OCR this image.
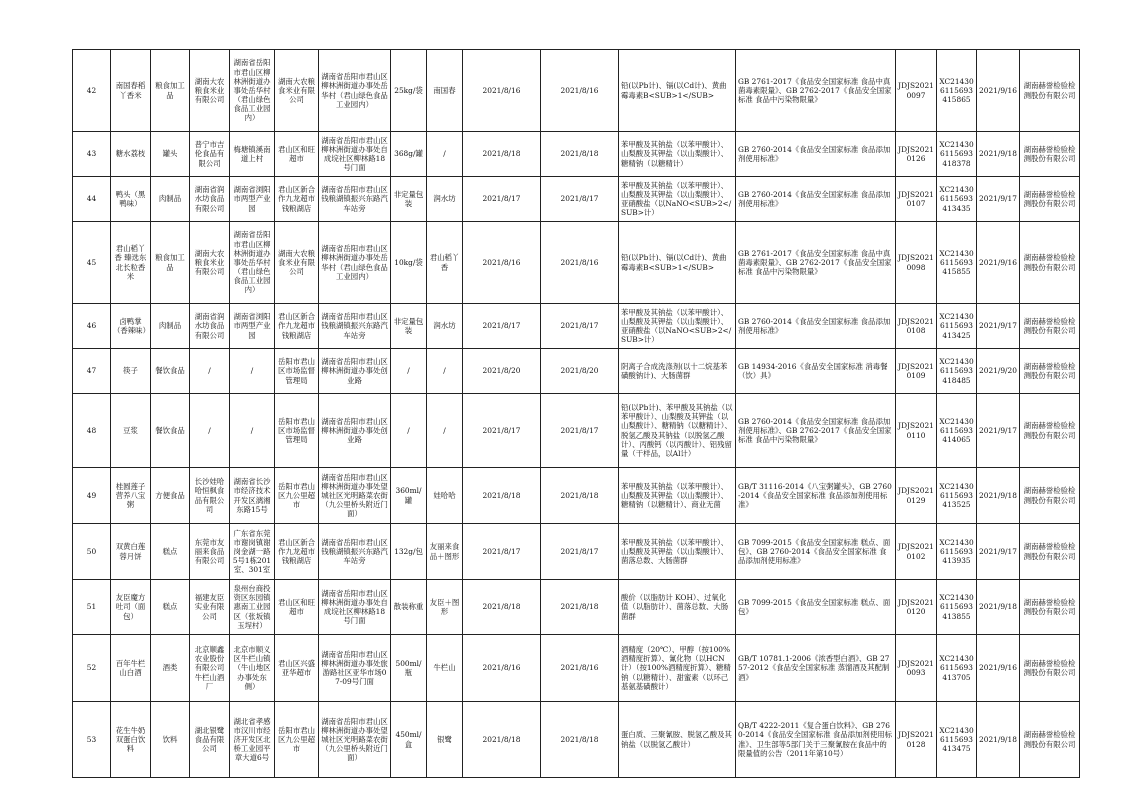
42	南国春稻丫香米	粮食加工品	湖南大农粮食米业有限公司	湖南省岳阳市君山区柳林洲街道办事处岳华村（君山绿色食品工业园内）	湖南大农粮食米业有限公司	湖南省岳阳市君山区柳林洲街道办事处岳华村（君山绿色食品工业园内）	25kg/袋	南国春	2021/8/16	2021/8/16	铅(以Pb计)、镉(以Cd计)、黄曲霉毒素B<SUB>1</SUB>	GB 2761-2017《食品安全国家标准 食品中真菌毒素限量》、GB 2762-2017《食品安全国家标准 食品中污染物限量》	JDJS20210097	XC214306115693415865	2021/9/16	湖南赫誉检验检测股份有限公司
43	糖水荔枝	罐头	普宁市吉伦食品有限公司	梅塘镇溪南道上村	君山区和旺超市	湖南省岳阳市君山区柳林洲街道办事处自成垸社区柳林路18号门面	368g/罐	/	2021/8/18	2021/8/18	苯甲酸及其钠盐（以苯甲酸计）、山梨酸及其钾盐（以山梨酸计）、糖精钠（以糖精计）	GB 2760-2014《食品安全国家标准 食品添加剂使用标准》	JDJS20210126	XC214306115693418378	2021/9/18	湖南赫誉检验检测股份有限公司
44	鸭头（黑鸭味）	肉制品	湖南省润水坊食品有限公司	湖南省浏阳市两型产业园	君山区新合作九龙超市钱粮湖店	湖南省岳阳市君山区钱粮湖镇振兴东路汽车站旁	非定量包装	润水坊	2021/8/17	2021/8/17	苯甲酸及其钠盐（以苯甲酸计）、山梨酸及其钾盐（以山梨酸计）、亚硝酸盐（以NaNO<SUB>2</SUB>计）	GB 2760-2014《食品安全国家标准 食品添加剂使用标准》	JDJS20210107	XC214306115693413435	2021/9/17	湖南赫誉检验检测股份有限公司
45	君山稻丫香 臻选东北长粒香米	粮食加工品	湖南大农粮食米业有限公司	湖南省岳阳市君山区柳林洲街道办事处岳华村（君山绿色食品工业园内）	湖南大农粮食米业有限公司	湖南省岳阳市君山区柳林洲街道办事处岳华村（君山绿色食品工业园内）	10kg/袋	君山稻丫香	2021/8/16	2021/8/16	铅(以Pb计)、镉(以Cd计)、黄曲霉毒素B<SUB>1</SUB>	GB 2761-2017《食品安全国家标准 食品中真菌毒素限量》、GB 2762-2017《食品安全国家标准 食品中污染物限量》	JDJS20210098	XC214306115693415855	2021/9/16	湖南赫誉检验检测股份有限公司
46	卤鸭掌（香辣味）	肉制品	湖南省润水坊食品有限公司	湖南省浏阳市两型产业园	君山区新合作九龙超市钱粮湖店	湖南省岳阳市君山区钱粮湖镇振兴东路汽车站旁	非定量包装	润水坊	2021/8/17	2021/8/17	苯甲酸及其钠盐（以苯甲酸计）、山梨酸及其钾盐（以山梨酸计）、亚硝酸盐（以NaNO<SUB>2</SUB>计）	GB 2760-2014《食品安全国家标准 食品添加剂使用标准》	JDJS20210108	XC214306115693413425	2021/9/17	湖南赫誉检验检测股份有限公司
47	筷子	餐饮食品	/	/	岳阳市君山区市场监督管理局	湖南省岳阳市君山区柳林洲街道办事处创业路	/	/	2021/8/20	2021/8/20	阴离子合成洗涤剂(以十二烷基苯磺酸钠计)、大肠菌群	GB 14934-2016《食品安全国家标准 消毒餐（饮）具》	JDJS20210109	XC214306115693418485	2021/9/20	湖南赫誉检验检测股份有限公司
48	豆浆	餐饮食品	/	/	岳阳市君山区市场监督管理局	湖南省岳阳市君山区柳林洲街道办事处创业路	/	/	2021/8/17	2021/8/17	铅(以Pb计)、苯甲酸及其钠盐（以苯甲酸计）、山梨酸及其钾盐（以山梨酸计）、糖精钠（以糖精计）、脱氢乙酸及其钠盐（以脱氢乙酸计）、丙酸钙（以丙酸计）、铝残留量（干样品，以Al计）	GB 2760-2014《食品安全国家标准 食品添加剂使用标准》、GB 2762-2017《食品安全国家标准 食品中污染物限量》	JDJS20210110	XC214306115693414065	2021/9/17	湖南赫誉检验检测股份有限公司
49	桂圆莲子营养八宝粥	方便食品	长沙娃哈哈恒枫食品有限公司	湖南省长沙市经济技术开发区漓湘东路15号	岳阳市君山区九公里超市	湖南省岳阳市君山区柳林洲街道办事处望城社区光明路菜农街（九公里桥头附近门面）	360ml/罐	娃哈哈	2021/8/18	2021/8/18	苯甲酸及其钠盐（以苯甲酸计）、山梨酸及其钾盐（以山梨酸计）、糖精钠（以糖精计）、商业无菌	GB/T 31116-2014《八宝粥罐头》、GB 2760-2014《食品安全国家标准 食品添加剂使用标准》	JDJS20210129	XC214306115693413525	2021/9/18	湖南赫誉检验检测股份有限公司
50	双黄白莲蓉月饼	糕点	东莞市友丽来食品有限公司	广东省东莞市谢岗镇谢岗金湖一路5号1栋201室、301室	君山区新合作九龙超市钱粮湖店	湖南省岳阳市君山区钱粮湖镇振兴东路汽车站旁	132g/包	友丽来食品＋图形	2021/8/17	2021/8/17	苯甲酸及其钠盐（以苯甲酸计）、山梨酸及其钾盐（以山梨酸计）、菌落总数、大肠菌群	GB 7099-2015《食品安全国家标准 糕点、面包》、GB 2760-2014《食品安全国家标准 食品添加剂使用标准》	JDJS20210102	XC214306115693413935	2021/9/17	湖南赫誉检验检测股份有限公司
51	友臣魔方吐司（面包）	糕点	福建友臣实业有限公司	泉州台商投资区东园镇惠南工业园区（张坂镇玉埕村）	君山区和旺超市	湖南省岳阳市君山区柳林洲街道办事处自成垸社区柳林路18号门面	散装称重	友臣＋图形	2021/8/18	2021/8/18	酸价（以脂肪计 KOH）、过氧化值（以脂肪计）、菌落总数、大肠菌群	GB 7099-2015《食品安全国家标准 糕点、面包》	JDJS20210120	XC214306115693413855	2021/9/18	湖南赫誉检验检测股份有限公司
52	百年牛栏山白酒	酒类	北京顺鑫农业股份有限公司牛栏山酒厂	北京市顺义区牛栏山镇（牛山地区办事处东侧）	君山区兴盛亚华超市	湖南省岳阳市君山区柳林洲街道办事处旅游路社区亚华市场07-09号门面	500ml/瓶	牛栏山	2021/8/16	2021/8/16	酒精度（20℃）、甲醇（按100%酒精度折算）、氰化物（以HCN计）（按100%酒精度折算）、糖精钠（以糖精计）、甜蜜素（以环己基氨基磺酸计）	GB/T 10781.1-2006《浓香型白酒》、GB 2757-2012《食品安全国家标准 蒸馏酒及其配制酒》	JDJS20210093	XC214306115693413705	2021/9/16	湖南赫誉检验检测股份有限公司
53	花生牛奶双蛋白饮料	饮料	湖北银鹭食品有限公司	湖北省孝感市汉川市经济开发区北桥工业园平章大道6号	岳阳市君山区九公里超市	湖南省岳阳市君山区柳林洲街道办事处望城社区光明路菜农街（九公里桥头附近门面）	450ml/盒	银鹭	2021/8/18	2021/8/18	蛋白质、三聚氰胺、脱氢乙酸及其钠盐（以脱氢乙酸计）	QB/T 4222-2011《复合蛋白饮料》、GB 2760-2014《食品安全国家标准 食品添加剂使用标准》、卫生部等5部门关于三聚氰胺在食品中的限量值的公告（2011年第10号）	JDJS20210128	XC214306115693413475	2021/9/18	湖南赫誉检验检测股份有限公司
